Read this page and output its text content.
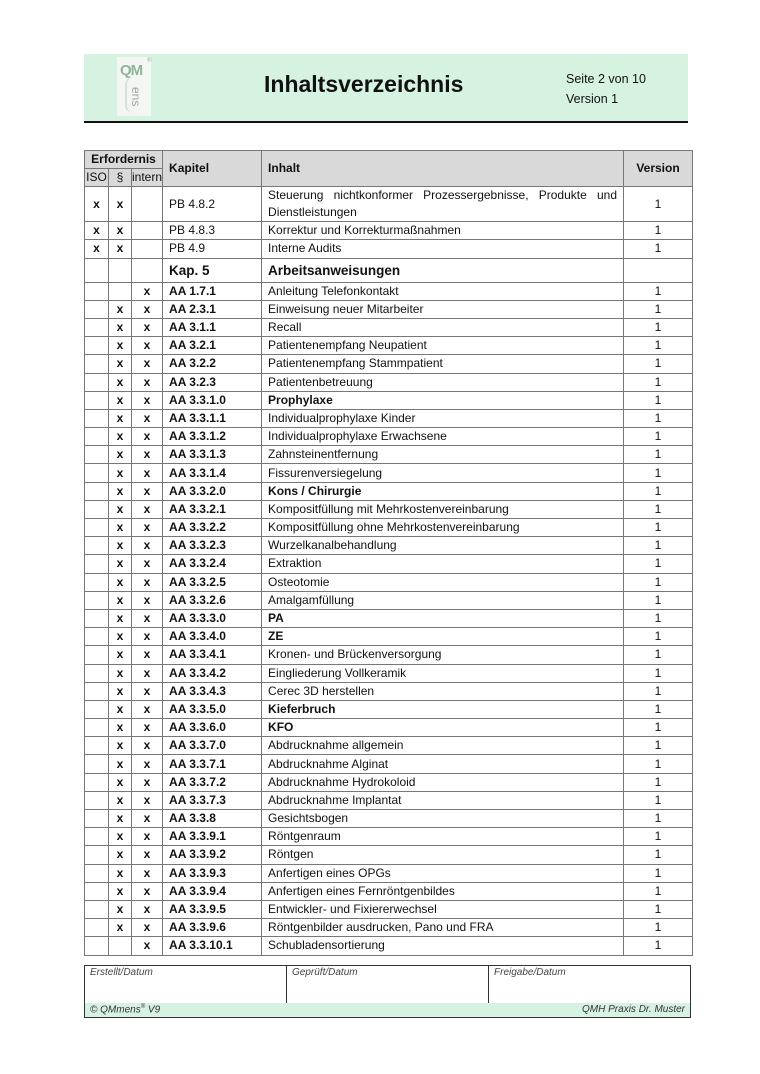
QM
®
ens	Inhaltsverzeichnis	Seite 2 von 10
Version 1
Erfordernis			Kapitel	Inhalt	Version
ISO	§	intern			
x	x		PB 4.8.2	Steuerung nichtkonformer Prozessergebnisse, Produkte und Dienstleistungen	1
x	x		PB 4.8.3	Korrektur und Korrekturmaßnahmen	1
x	x		PB 4.9	Interne Audits	1
			Kap. 5	Arbeitsanweisungen	
		x	AA 1.7.1	Anleitung Telefonkontakt	1
	x	x	AA 2.3.1	Einweisung neuer Mitarbeiter	1
	x	x	AA 3.1.1	Recall	1
	x	x	AA 3.2.1	Patientenempfang Neupatient	1
	x	x	AA 3.2.2	Patientenempfang Stammpatient	1
	x	x	AA 3.2.3	Patientenbetreuung	1
	x	x	AA 3.3.1.0	Prophylaxe	1
	x	x	AA 3.3.1.1	Individualprophylaxe Kinder	1
	x	x	AA 3.3.1.2	Individualprophylaxe Erwachsene	1
	x	x	AA 3.3.1.3	Zahnsteinentfernung	1
	x	x	AA 3.3.1.4	Fissurenversiegelung	1
	x	x	AA 3.3.2.0	Kons / Chirurgie	1
	x	x	AA 3.3.2.1	Kompositfüllung mit Mehrkostenvereinbarung	1
	x	x	AA 3.3.2.2	Kompositfüllung ohne Mehrkostenvereinbarung	1
	x	x	AA 3.3.2.3	Wurzelkanalbehandlung	1
	x	x	AA 3.3.2.4	Extraktion	1
	x	x	AA 3.3.2.5	Osteotomie	1
	x	x	AA 3.3.2.6	Amalgamfüllung	1
	x	x	AA 3.3.3.0	PA	1
	x	x	AA 3.3.4.0	ZE	1
	x	x	AA 3.3.4.1	Kronen- und Brückenversorgung	1
	x	x	AA 3.3.4.2	Eingliederung Vollkeramik	1
	x	x	AA 3.3.4.3	Cerec 3D herstellen	1
	x	x	AA 3.3.5.0	Kieferbruch	1
	x	x	AA 3.3.6.0	KFO	1
	x	x	AA 3.3.7.0	Abdrucknahme allgemein	1
	x	x	AA 3.3.7.1	Abdrucknahme Alginat	1
	x	x	AA 3.3.7.2	Abdrucknahme Hydrokoloid	1
	x	x	AA 3.3.7.3	Abdrucknahme Implantat	1
	x	x	AA 3.3.8	Gesichtsbogen	1
	x	x	AA 3.3.9.1	Röntgenraum	1
	x	x	AA 3.3.9.2	Röntgen	1
	x	x	AA 3.3.9.3	Anfertigen eines OPGs	1
	x	x	AA 3.3.9.4	Anfertigen eines Fernröntgenbildes	1
	x	x	AA 3.3.9.5	Entwickler- und Fixiererwechsel	1
	x	x	AA 3.3.9.6	Röntgenbilder ausdrucken, Pano und FRA	1
		x	AA 3.3.10.1	Schubladensortierung	1
Erstellt/Datum	Geprüft/Datum	Freigabe/Datum
© QMmens® V9	QMH Praxis Dr. Muster
